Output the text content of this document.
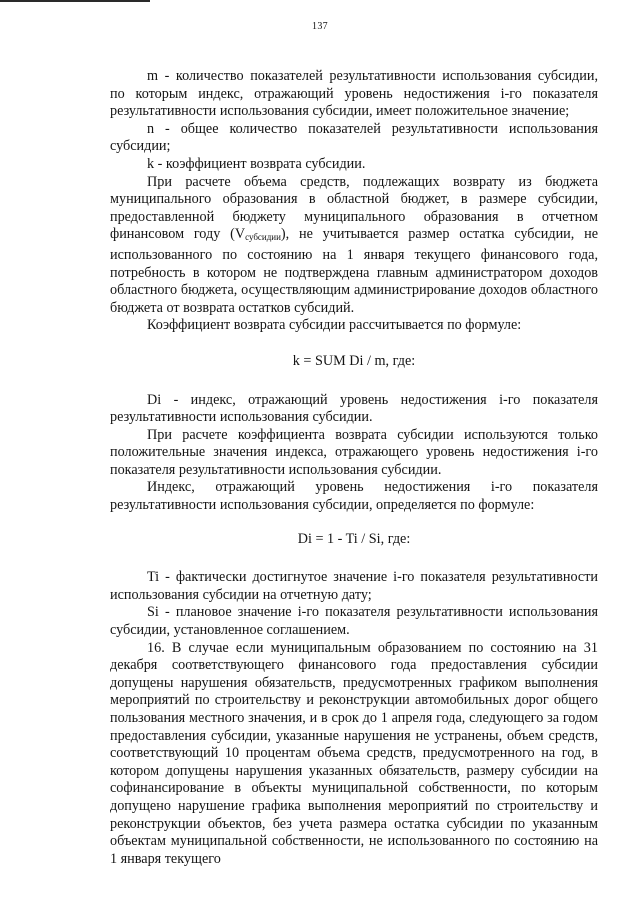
137

m - количество показателей результативности использования субсидии, по которым индекс, отражающий уровень недостижения i-го показателя результативности использования субсидии, имеет положительное значение;

n - общее количество показателей результативности использования субсидии;

k - коэффициент возврата субсидии.

При расчете объема средств, подлежащих возврату из бюджета муниципального образования в областной бюджет, в размере субсидии, предоставленной бюджету муниципального образования в отчетном финансовом году $(V_{субсидии})$, не учитывается размер остатка субсидии, не использованного по состоянию на 1 января текущего финансового года, потребность в котором не подтверждена главным администратором доходов областного бюджета, осуществляющим администрирование доходов областного бюджета от возврата остатков субсидий.

Коэффициент возврата субсидии рассчитывается по формуле:

k = SUM Di / m, где:

Di - индекс, отражающий уровень недостижения i-го показателя результативности использования субсидии.

При расчете коэффициента возврата субсидии используются только положительные значения индекса, отражающего уровень недостижения i-го показателя результативности использования субсидии.

Индекс, отражающий уровень недостижения i-го показателя результативности использования субсидии, определяется по формуле:

Di = 1 - Ti / Si, где:

Ti - фактически достигнутое значение i-го показателя результативности использования субсидии на отчетную дату;

Si - плановое значение i-го показателя результативности использования субсидии, установленное соглашением.

16. В случае если муниципальным образованием по состоянию на 31 декабря соответствующего финансового года предоставления субсидии допущены нарушения обязательств, предусмотренных графиком выполнения мероприятий по строительству и реконструкции автомобильных дорог общего пользования местного значения, и в срок до 1 апреля года, следующего за годом предоставления субсидии, указанные нарушения не устранены, объем средств, соответствующий 10 процентам объема средств, предусмотренного на год, в котором допущены нарушения указанных обязательств, размеру субсидии на софинансирование в объекты муниципальной собственности, по которым допущено нарушение графика выполнения мероприятий по строительству и реконструкции объектов, без учета размера остатка субсидии по указанным объектам муниципальной собственности, не использованного по состоянию на 1 января текущего
